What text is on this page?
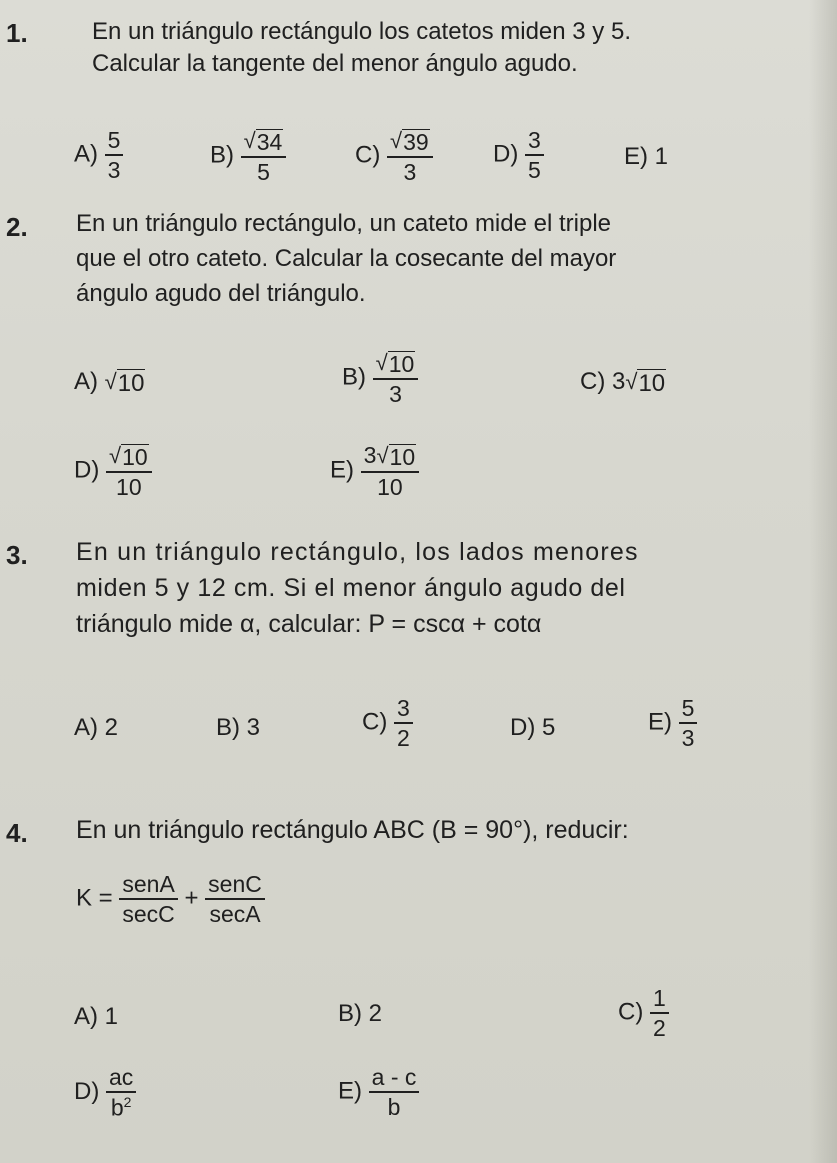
1.	En un triángulo rectángulo los catetos miden 3 y 5.
Calcular la tangente del menor ángulo agudo.
$A) \frac{5}{3}$	$B) \frac{√ 34}{5}$	$C) \frac{√ 39}{3}$	$D) \frac{3}{5}$	E) 1
2. En un triángulo rectángulo, un cateto mide el triple
que el otro cateto. Calcular la cosecante del mayor
ángulo agudo del triángulo.
A) √ 10	$B) \frac{√ 10}{3}$	C) 3 √ 10
$D) \frac{√ 10}{10}$	$E) \frac{3 √ 10}{10}$
3. En un triángulo rectángulo, los lados menores
miden 5 y 12 cm. Si el menor ángulo agudo del
triángulo mide α, calcular: P = cscα + cotα
A) 2	B) 3	$C) \frac{3}{2}$	D) 5	$E) \frac{5}{3}$
4. En un triángulo rectángulo ABC (B = 90°), reducir:
$K = \frac{\text{senA}}{\sec C} + \frac{\text{senC}}{\sec A}$
A) 1	B) 2	$C) \frac{1}{2}$
$D) \frac{ac}{b^2}$	$E) \frac{a - c}{b}$
